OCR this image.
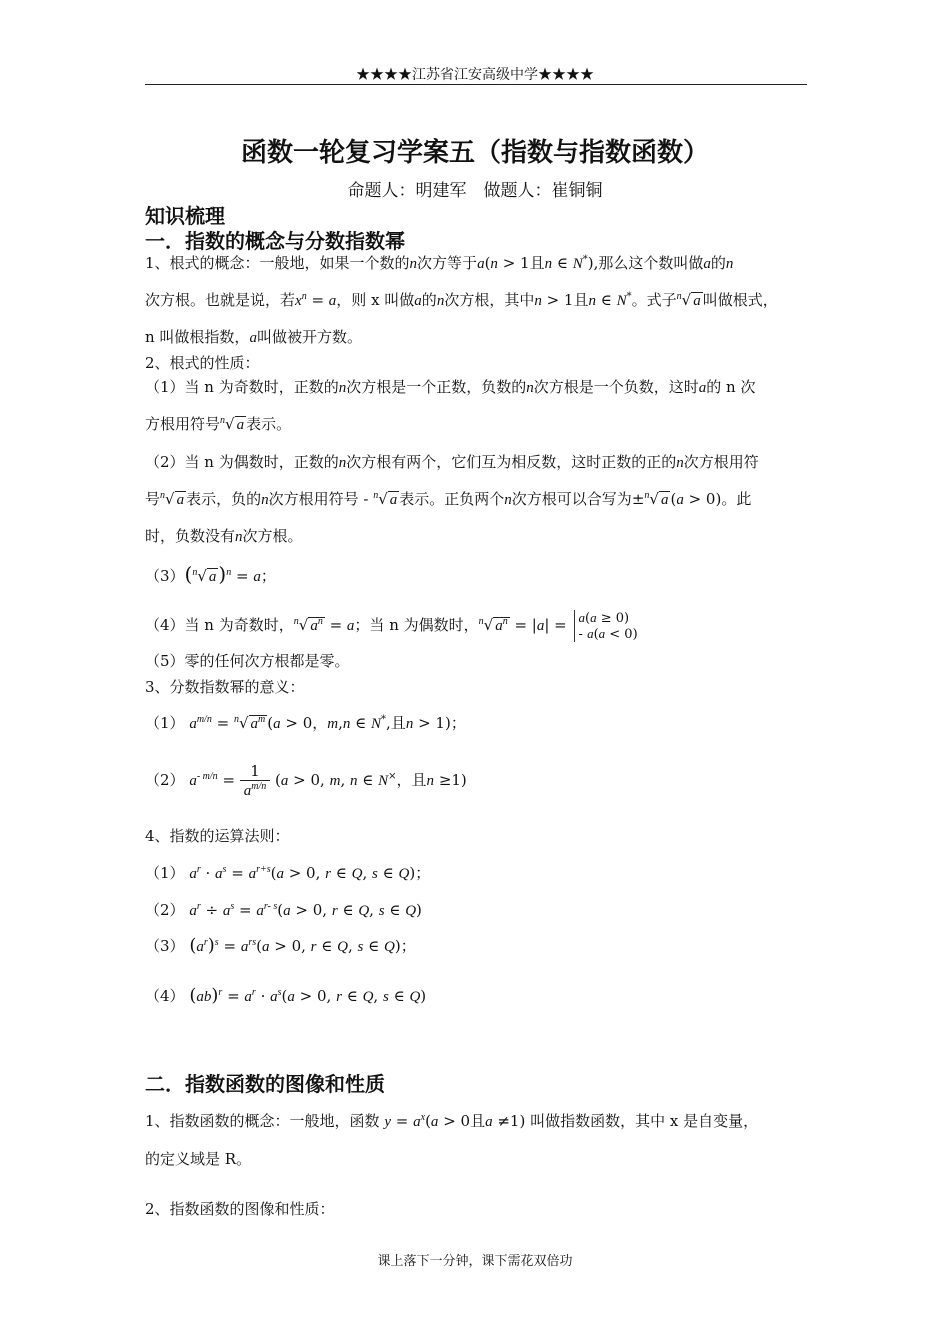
★★★★江苏省江安高级中学★★★★
函数一轮复习学案五（指数与指数函数）
命题人：明建军　做题人：崔铜铜
知识梳理
一．指数的概念与分数指数幂
1、根式的概念：一般地，如果一个数的n次方等于a(n > 1且n ∈ N*),那么这个数叫做a的n
次方根。也就是说，若$x^n = a$，则 x 叫做a的n次方根，其中n > 1且n ∈ N*。式子$^n$√ a 叫做根式，
n 叫做根指数，a叫做被开方数。
2、根式的性质：
（1）当 n 为奇数时，正数的n次方根是一个正数，负数的n次方根是一个负数，这时a的 n 次
方根用符号$^n$√ a 表示。
（2）当 n 为偶数时，正数的n次方根有两个，它们互为相反数，这时正数的正的n次方根用符
号$^n$√ a 表示，负的n次方根用符号 - $^n$√ a 表示。正负两个n次方根可以合写为±$^n$√ a (a > 0)。此
时，负数没有n次方根。
（3）($^n$√ a )$^n$ = a；
（4）当 n 为奇数时，$^n$√ $a^n = a$；当 n 为偶数时，$^n$√ $a^n = |a| = a(a \ge 0)$
- a(a < 0)
（5）零的任何次方根都是零。
3、分数指数幂的意义：
（1） $a^{m/n} = ^n√$ $a^m$ (a > 0，m,n ∈ N*,且n > 1)；
（2） $a^{- m/n} = \frac{1}{a^{m/n}} (a > 0$, m, n ∈ N×，且n ≥1)
4、指数的运算法则：
（1） $a^r \cdot a^s = a^{r+s}(a > 0$, r ∈ Q, s ∈ Q)；
（2） $a^r \div a^s = a^{r- s}(a > 0$, r ∈ Q, s ∈ Q)
（3） $(a^r)^s = a^{rs}(a > 0$, r ∈ Q, s ∈ Q)；
（4） $(ab)^r = a^r \cdot a^s(a > 0$, r ∈ Q, s ∈ Q)
二．指数函数的图像和性质
1、指数函数的概念：一般地，函数 $y = a^x(a > 0$且a ≠1) 叫做指数函数，其中 x 是自变量，
的定义域是 R。
2、指数函数的图像和性质：
课上落下一分钟，课下需花双倍功
